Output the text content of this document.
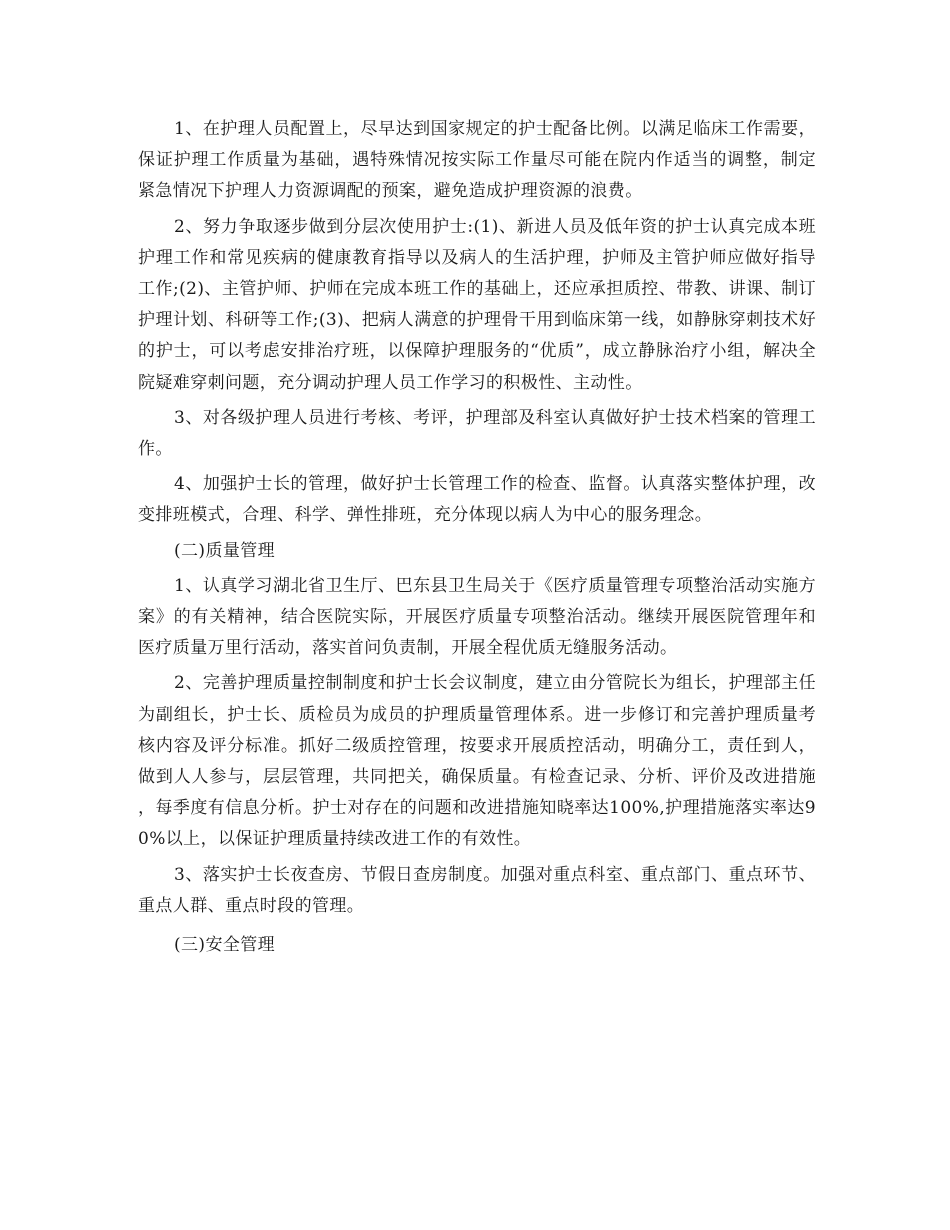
1、在护理人员配置上，尽早达到国家规定的护士配备比例。以满足临床工作需要，保证护理工作质量为基础，遇特殊情况按实际工作量尽可能在院内作适当的调整，制定紧急情况下护理人力资源调配的预案，避免造成护理资源的浪费。

2、努力争取逐步做到分层次使用护士:(1)、新进人员及低年资的护士认真完成本班护理工作和常见疾病的健康教育指导以及病人的生活护理，护师及主管护师应做好指导工作;(2)、主管护师、护师在完成本班工作的基础上，还应承担质控、带教、讲课、制订护理计划、科研等工作;(3)、把病人满意的护理骨干用到临床第一线，如静脉穿刺技术好的护士，可以考虑安排治疗班，以保障护理服务的“优质”，成立静脉治疗小组，解决全院疑难穿刺问题，充分调动护理人员工作学习的积极性、主动性。

3、对各级护理人员进行考核、考评，护理部及科室认真做好护士技术档案的管理工作。

4、加强护士长的管理，做好护士长管理工作的检查、监督。认真落实整体护理，改变排班模式，合理、科学、弹性排班，充分体现以病人为中心的服务理念。

(二)质量管理

1、认真学习湖北省卫生厅、巴东县卫生局关于《医疗质量管理专项整治活动实施方案》的有关精神，结合医院实际，开展医疗质量专项整治活动。继续开展医院管理年和医疗质量万里行活动，落实首问负责制，开展全程优质无缝服务活动。

2、完善护理质量控制制度和护士长会议制度，建立由分管院长为组长，护理部主任为副组长，护士长、质检员为成员的护理质量管理体系。进一步修订和完善护理质量考核内容及评分标准。抓好二级质控管理，按要求开展质控活动，明确分工，责任到人，做到人人参与，层层管理，共同把关，确保质量。有检查记录、分析、评价及改进措施，每季度有信息分析。护士对存在的问题和改进措施知晓率达100%,护理措施落实率达90%以上，以保证护理质量持续改进工作的有效性。

3、落实护士长夜查房、节假日查房制度。加强对重点科室、重点部门、重点环节、重点人群、重点时段的管理。

(三)安全管理
